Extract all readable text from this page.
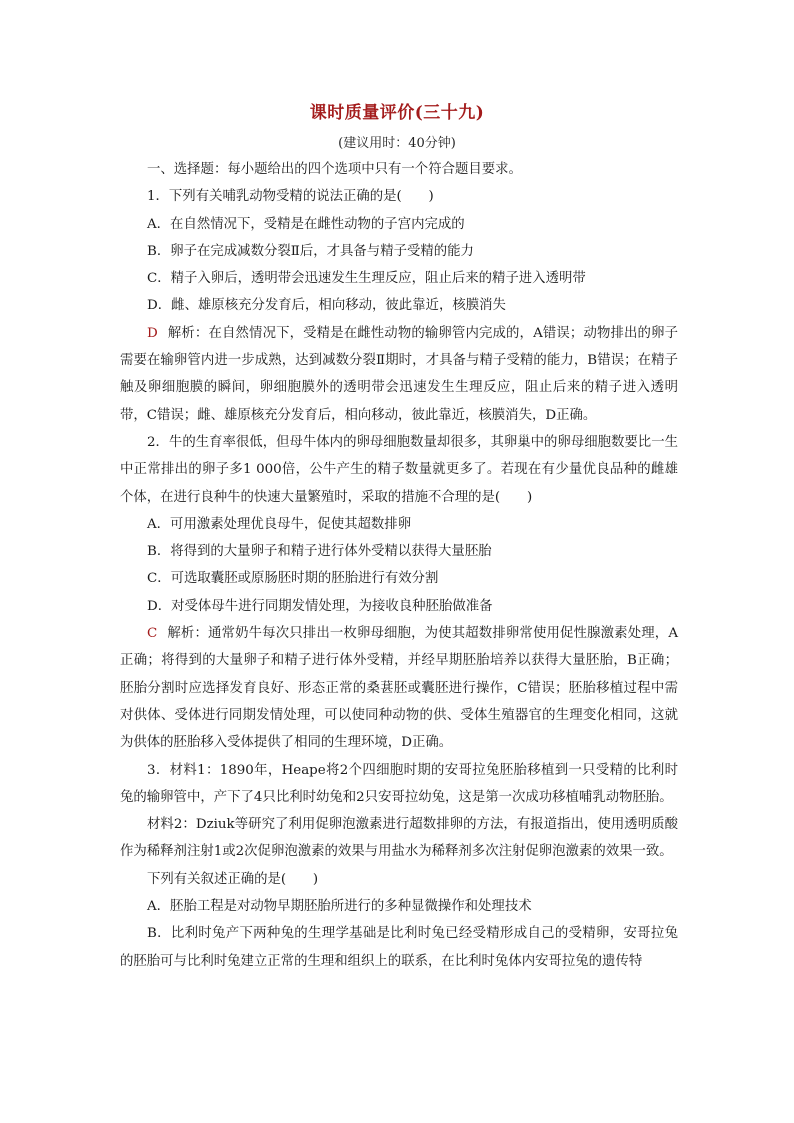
课时质量评价(三十九)
(建议用时：40分钟)

一、选择题：每小题给出的四个选项中只有一个符合题目要求。

1．下列有关哺乳动物受精的说法正确的是(　　)

A．在自然情况下，受精是在雌性动物的子宫内完成的

B．卵子在完成减数分裂Ⅱ后，才具备与精子受精的能力

C．精子入卵后，透明带会迅速发生生理反应，阻止后来的精子进入透明带

D．雌、雄原核充分发育后，相向移动，彼此靠近，核膜消失

D 解析：在自然情况下，受精是在雌性动物的输卵管内完成的，A错误；动物排出的卵子需要在输卵管内进一步成熟，达到减数分裂Ⅱ期时，才具备与精子受精的能力，B错误；在精子触及卵细胞膜的瞬间，卵细胞膜外的透明带会迅速发生生理反应，阻止后来的精子进入透明带，C错误；雌、雄原核充分发育后，相向移动，彼此靠近，核膜消失，D正确。

2．牛的生育率很低，但母牛体内的卵母细胞数量却很多，其卵巢中的卵母细胞数要比一生中正常排出的卵子多1 000倍，公牛产生的精子数量就更多了。若现在有少量优良品种的雌雄个体，在进行良种牛的快速大量繁殖时，采取的措施不合理的是(　　)

A．可用激素处理优良母牛，促使其超数排卵

B．将得到的大量卵子和精子进行体外受精以获得大量胚胎

C．可选取囊胚或原肠胚时期的胚胎进行有效分割

D．对受体母牛进行同期发情处理，为接收良种胚胎做准备

C 解析：通常奶牛每次只排出一枚卵母细胞，为使其超数排卵常使用促性腺激素处理，A正确；将得到的大量卵子和精子进行体外受精，并经早期胚胎培养以获得大量胚胎，B正确；胚胎分割时应选择发育良好、形态正常的桑葚胚或囊胚进行操作，C错误；胚胎移植过程中需对供体、受体进行同期发情处理，可以使同种动物的供、受体生殖器官的生理变化相同，这就为供体的胚胎移入受体提供了相同的生理环境，D正确。

3．材料1：1890年，Heape将2个四细胞时期的安哥拉兔胚胎移植到一只受精的比利时兔的输卵管中，产下了4只比利时幼兔和2只安哥拉幼兔，这是第一次成功移植哺乳动物胚胎。

材料2：Dziuk等研究了利用促卵泡激素进行超数排卵的方法，有报道指出，使用透明质酸作为稀释剂注射1或2次促卵泡激素的效果与用盐水为稀释剂多次注射促卵泡激素的效果一致。

下列有关叙述正确的是(　　)

A．胚胎工程是对动物早期胚胎所进行的多种显微操作和处理技术

B．比利时兔产下两种兔的生理学基础是比利时兔已经受精形成自己的受精卵，安哥拉兔的胚胎可与比利时兔建立正常的生理和组织上的联系，在比利时兔体内安哥拉兔的遗传特
